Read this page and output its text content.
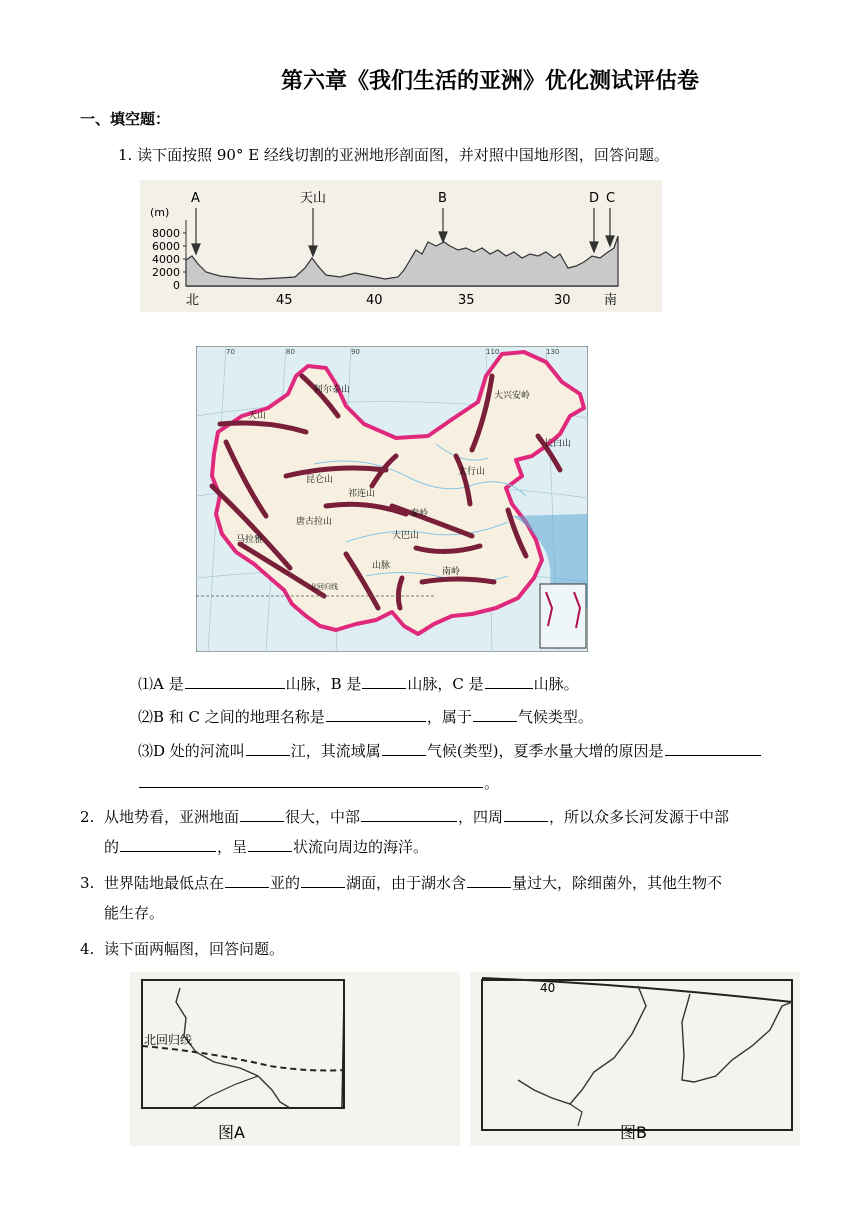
第六章《我们生活的亚洲》优化测试评估卷
一、填空题：
1. 读下面按照 90° E 经线切割的亚洲地形剖面图，并对照中国地形图，回答问题。
(m)
8000
6000
4000
2000
0
A	天山	B	D C
北	45	40	35	30	南
70	80	90	110	130
阿尔泰山
天山
昆仑山
马拉雅
大兴安岭
长白山
太行山
秦岭
大巴山
南岭
唐古拉山
祁连山
山脉
北回归线
⑴A 是	山脉，B 是	山脉，C 是	山脉。
⑵B 和 C 之间的地理名称是	，属于	气候类型。
⑶D 处的河流叫	江，其流域属	气候(类型)，夏季水量大增的原因是
。
2. 从地势看，亚洲地面	很大，中部	，四周	，所以众多长河发源于中部
的	，呈	状流向周边的海洋。
3. 世界陆地最低点在	亚的	湖面，由于湖水含	量过大，除细菌外，其他生物不
能生存。
4. 读下面两幅图，回答问题。
北回归线
图A
40
图B
